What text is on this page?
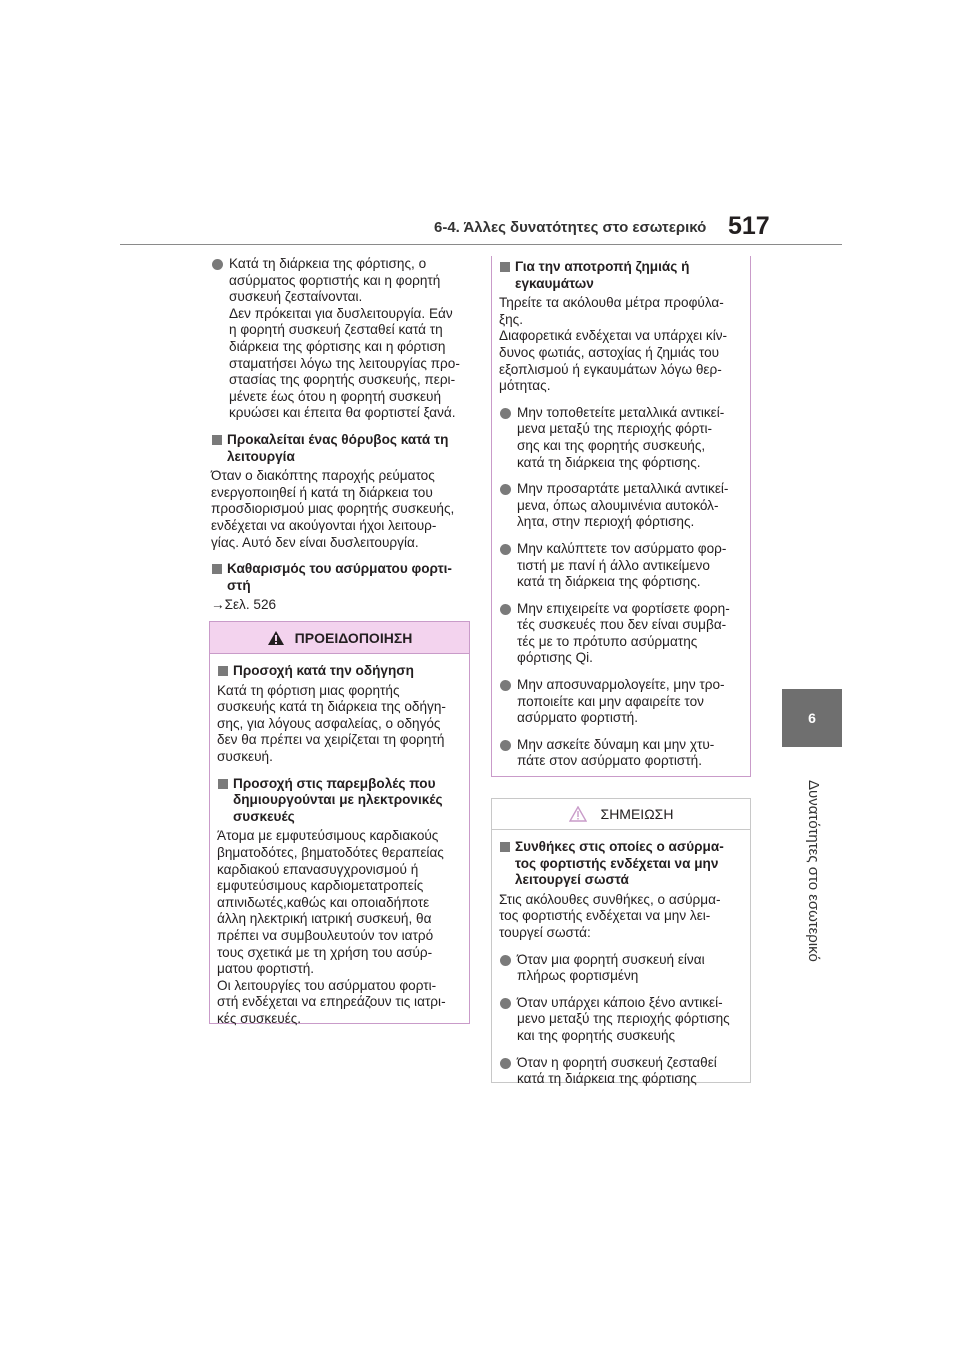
6-4. Άλλες δυνατότητες στο εσωτερικό 517
6
Δυνατότητες στο εσωτερικό

Κατά τη διάρκεια της φόρτισης, ο
ασύρματος φορτιστής και η φορητή
συσκευή ζεσταίνονται.
Δεν πρόκειται για δυσλειτουργία. Εάν
η φορητή συσκευή ζεσταθεί κατά τη
διάρκεια της φόρτισης και η φόρτιση
σταματήσει λόγω της λειτουργίας προ-
στασίας της φορητής συσκευής, περι-
μένετε έως ότου η φορητή συσκευή
κρυώσει και έπειτα θα φορτιστεί ξανά.

Προκαλείται ένας θόρυβος κατά τη
λειτουργία

Όταν ο διακόπτης παροχής ρεύματος
ενεργοποιηθεί ή κατά τη διάρκεια του
προσδιορισμού μιας φορητής συσκευής,
ενδέχεται να ακούγονται ήχοι λειτουρ-
γίας. Αυτό δεν είναι δυσλειτουργία.

Καθαρισμός του ασύρματου φορτι-
στή

→Σελ. 526

ΠΡΟΕΙΔΟΠΟΙΗΣΗ

Προσοχή κατά την οδήγηση

Κατά τη φόρτιση μιας φορητής
συσκευής κατά τη διάρκεια της οδήγη-
σης, για λόγους ασφαλείας, ο οδηγός
δεν θα πρέπει να χειρίζεται τη φορητή
συσκευή.

Προσοχή στις παρεμβολές που
δημιουργούνται με ηλεκτρονικές
συσκευές

Άτομα με εμφυτεύσιμους καρδιακούς
βηματοδότες, βηματοδότες θεραπείας
καρδιακού επανασυγχρονισμού ή
εμφυτεύσιμους καρδιομετατροπείς
απινιδωτές,καθώς και οποιαδήποτε
άλλη ηλεκτρική ιατρική συσκευή, θα
πρέπει να συμβουλευτούν τον ιατρό
τους σχετικά με τη χρήση του ασύρ-
ματου φορτιστή.
Οι λειτουργίες του ασύρματου φορτι-
στή ενδέχεται να επηρεάζουν τις ιατρι-
κές συσκευές.

Για την αποτροπή ζημιάς ή
εγκαυμάτων

Τηρείτε τα ακόλουθα μέτρα προφύλα-
ξης.
Διαφορετικά ενδέχεται να υπάρχει κίν-
δυνος φωτιάς, αστοχίας ή ζημιάς του
εξοπλισμού ή εγκαυμάτων λόγω θερ-
μότητας.

Μην τοποθετείτε μεταλλικά αντικεί-
μενα μεταξύ της περιοχής φόρτι-
σης και της φορητής συσκευής,
κατά τη διάρκεια της φόρτισης.

Μην προσαρτάτε μεταλλικά αντικεί-
μενα, όπως αλουμινένια αυτοκόλ-
λητα, στην περιοχή φόρτισης.

Μην καλύπτετε τον ασύρματο φορ-
τιστή με πανί ή άλλο αντικείμενο
κατά τη διάρκεια της φόρτισης.

Μην επιχειρείτε να φορτίσετε φορη-
τές συσκευές που δεν είναι συμβα-
τές με το πρότυπο ασύρματης
φόρτισης Qi.

Μην αποσυναρμολογείτε, μην τρο-
ποποιείτε και μην αφαιρείτε τον
ασύρματο φορτιστή.

Μην ασκείτε δύναμη και μην χτυ-
πάτε στον ασύρματο φορτιστή.

ΣΗΜΕΙΩΣΗ

Συνθήκες στις οποίες ο ασύρμα-
τος φορτιστής ενδέχεται να μην
λειτουργεί σωστά

Στις ακόλουθες συνθήκες, ο ασύρμα-
τος φορτιστής ενδέχεται να μην λει-
τουργεί σωστά:

Όταν μια φορητή συσκευή είναι
πλήρως φορτισμένη

Όταν υπάρχει κάποιο ξένο αντικεί-
μενο μεταξύ της περιοχής φόρτισης
και της φορητής συσκευής

Όταν η φορητή συσκευή ζεσταθεί
κατά τη διάρκεια της φόρτισης
